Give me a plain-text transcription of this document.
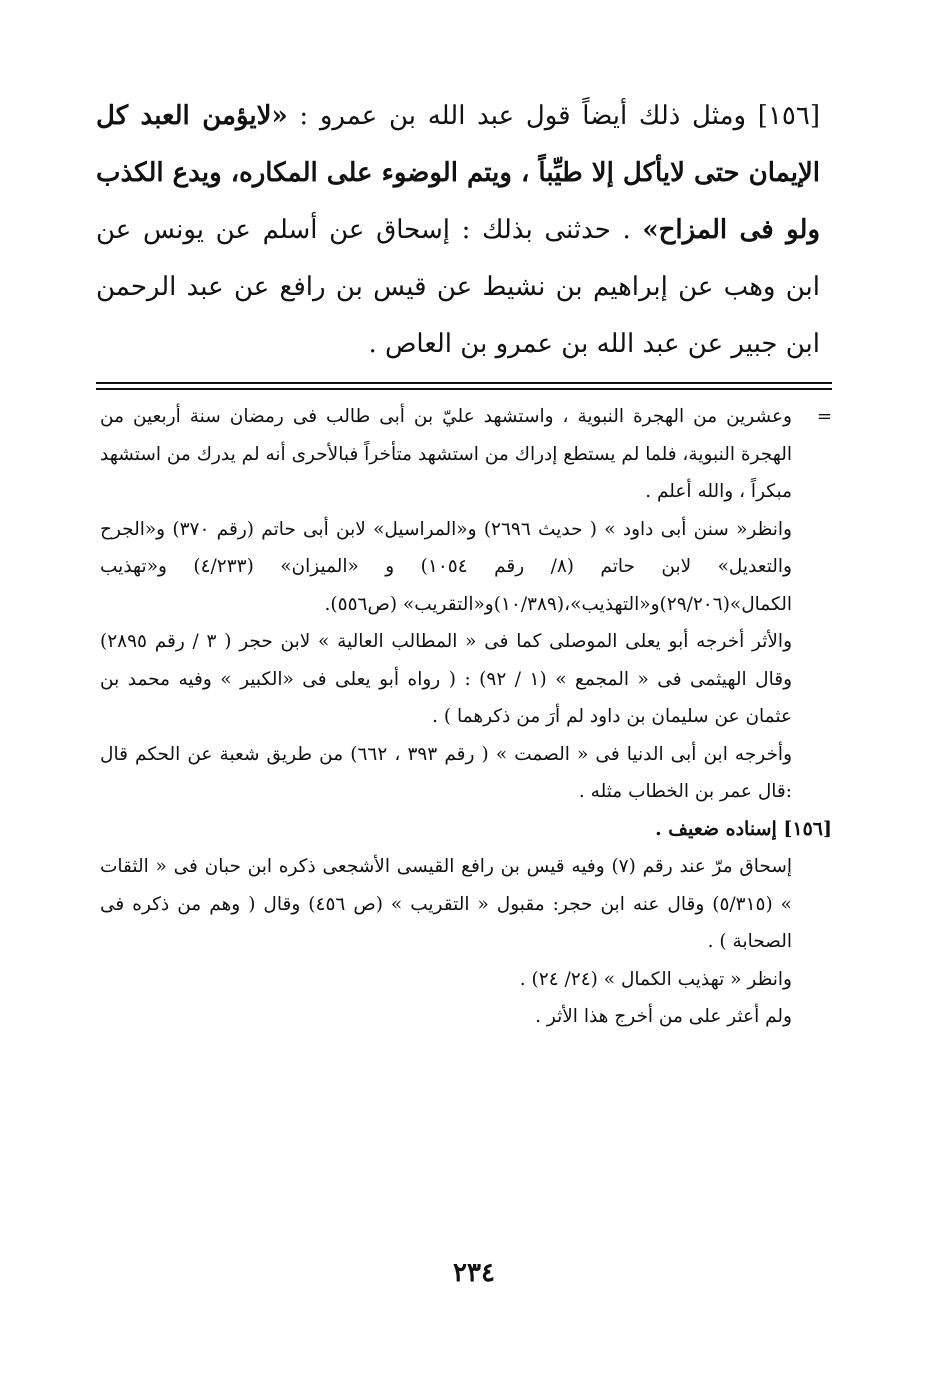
[١٥٦] ومثل ذلك أيضاً قول عبد الله بن عمرو : «لايؤمن العبد كل الإيمان حتى لايأكل إلا طيِّباً ، ويتم الوضوء على المكاره، ويدع الكذب ولو فى المزاح» . حدثنى بذلك : إسحاق عن أسلم عن يونس عن ابن وهب عن إبراهيم بن نشيط عن قيس بن رافع عن عبد الرحمن ابن جبير عن عبد الله بن عمرو بن العاص .
=
وعشرين من الهجرة النبوية ، واستشهد عليّ بن أبى طالب فى رمضان سنة أربعين من الهجرة النبوية، فلما لم يستطع إدراك من استشهد متأخراً فبالأحرى أنه لم يدرك من استشهد مبكراً ، والله أعلم .
وانظر« سنن أبى داود » ( حديث ٢٦٩٦) و«المراسيل» لابن أبى حاتم (رقم ٣٧٠) و«الجرح والتعديل» لابن حاتم (٨/ رقم ١٠٥٤) و «الميزان» (٤/٢٣٣) و«تهذيب الكمال»(٢٩/٢٠٦)و«التهذيب»،(١٠/٣٨٩)و«التقريب» (ص٥٥٦).
والأثر أخرجه أبو يعلى الموصلى كما فى « المطالب العالية » لابن حجر ( ٣ / رقم ٢٨٩٥) وقال الهيثمى فى « المجمع » (١ / ٩٢) : ( رواه أبو يعلى فى «الكبير » وفيه محمد بن عثمان عن سليمان بن داود لم أرَ من ذكرهما ) .
وأخرجه ابن أبى الدنيا فى « الصمت » ( رقم ٣٩٣ ، ٦٦٢) من طريق شعبة عن الحكم قال :قال عمر بن الخطاب مثله .
[١٥٦] إسناده ضعيف .
إسحاق مرّ عند رقم (٧) وفيه قيس بن رافع القيسى الأشجعى ذكره ابن حبان فى « الثقات » (٥/٣١٥) وقال عنه ابن حجر: مقبول « التقريب » (ص ٤٥٦) وقال ( وهم من ذكره فى الصحابة ) .
وانظر « تهذيب الكمال » (٢٤/ ٢٤) .
ولم أعثر على من أخرج هذا الأثر .
٢٣٤
